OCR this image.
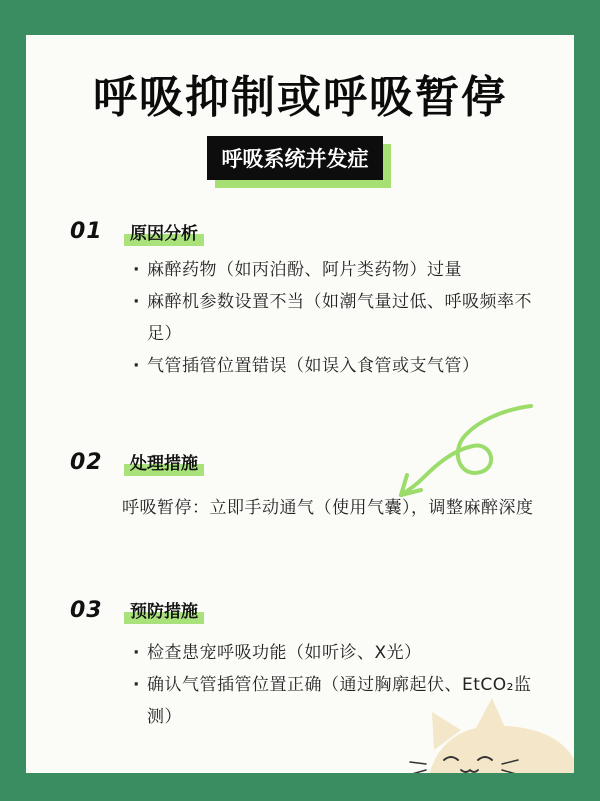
呼吸抑制或呼吸暂停
呼吸系统并发症
01 原因分析
· 麻醉药物（如丙泊酚、阿片类药物）过量
· 麻醉机参数设置不当（如潮气量过低、呼吸频率不足）
· 气管插管位置错误（如误入食管或支气管）
02 处理措施
呼吸暂停：立即手动通气（使用气囊），调整麻醉深度
03 预防措施
· 检查患宠呼吸功能（如听诊、X光）
· 确认气管插管位置正确（通过胸廓起伏、EtCO₂监测）
